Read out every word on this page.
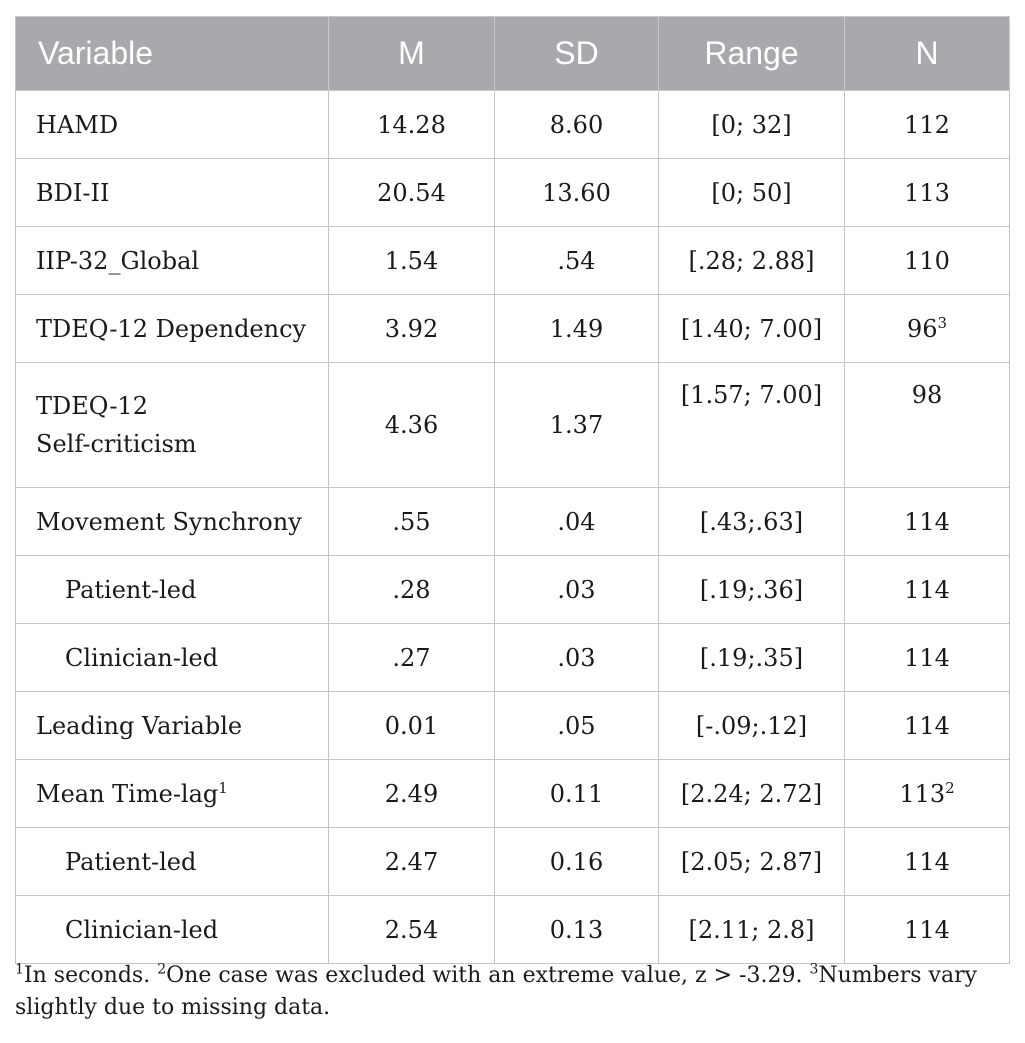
Variable	M	SD	Range	N
HAMD	14.28	8.60	[0; 32]	112
BDI-II	20.54	13.60	[0; 50]	113
IIP-32_Global	1.54	.54	[.28; 2.88]	110
TDEQ-12 Dependency	3.92	1.49	[1.40; 7.00]	$96^3$
TDEQ-12
Self-criticism	4.36	1.37	[1.57; 7.00]	98
Movement Synchrony	.55	.04	[.43;.63]	114
Patient-led	.28	.03	[.19;.36]	114
Clinician-led	.27	.03	[.19;.35]	114
Leading Variable	0.01	.05	[-.09;.12]	114
Mean Time-lag$^1$	2.49	0.11	[2.24; 2.72]	$113^2$
Patient-led	2.47	0.16	[2.05; 2.87]	114
Clinician-led	2.54	0.13	[2.11; 2.8]	114
$^1$In seconds. $^2$One case was excluded with an extreme value, z > -3.29. $^3$Numbers vary slightly due to missing data.
